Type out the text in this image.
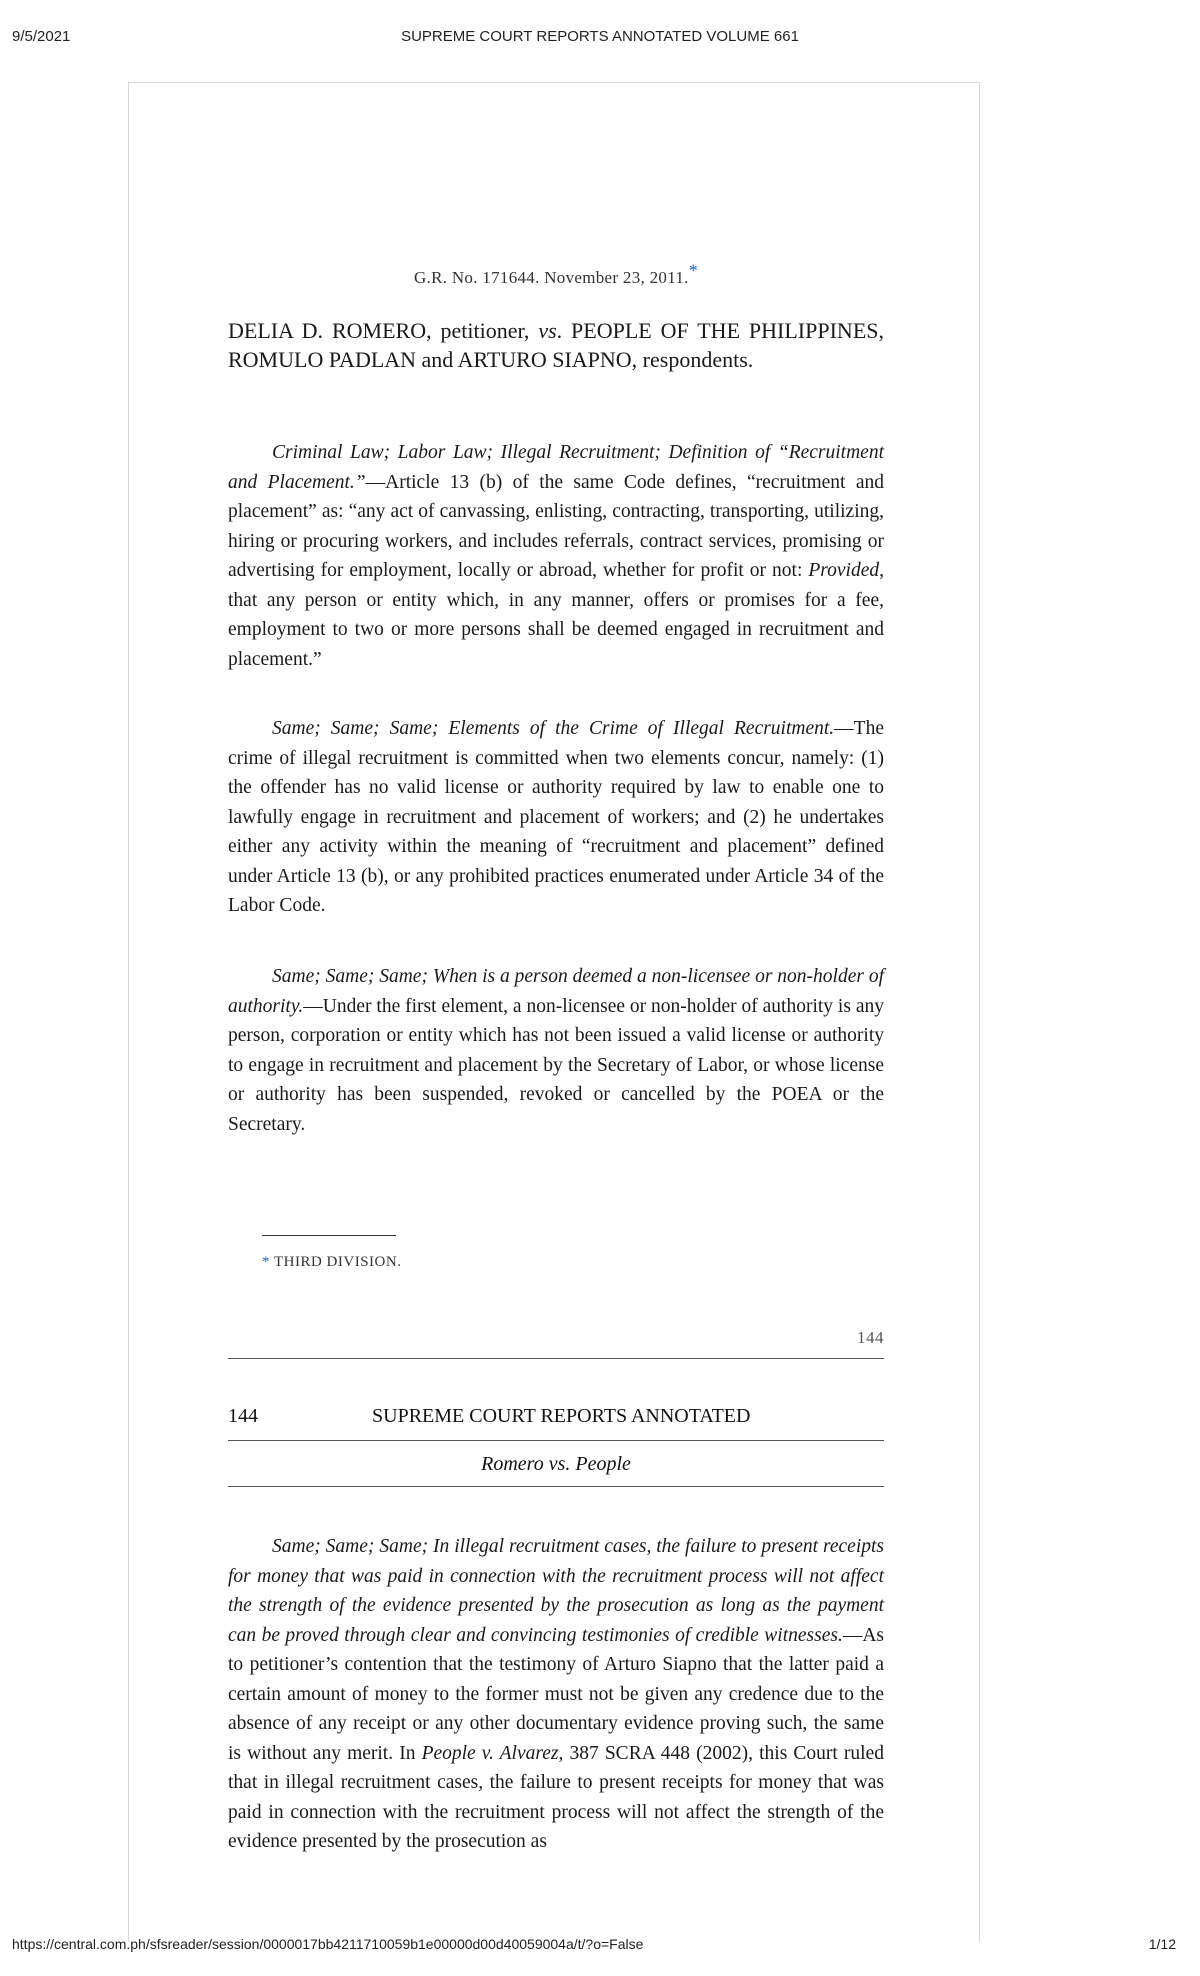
9/5/2021	SUPREME COURT REPORTS ANNOTATED VOLUME 661
G.R. No. 171644. November 23, 2011.*
DELIA D. ROMERO, petitioner, vs. PEOPLE OF THE PHILIPPINES, ROMULO PADLAN and ARTURO SIAPNO, respondents.

Criminal Law; Labor Law; Illegal Recruitment; Definition of “Recruitment and Placement.”—Article 13 (b) of the same Code defines, “recruitment and placement” as: “any act of canvassing, enlisting, contracting, transporting, utilizing, hiring or procuring workers, and includes referrals, contract services, promising or advertising for employment, locally or abroad, whether for profit or not: Provided, that any person or entity which, in any manner, offers or promises for a fee, employment to two or more persons shall be deemed engaged in recruitment and placement.”

Same; Same; Same; Elements of the Crime of Illegal Recruitment.—The crime of illegal recruitment is committed when two elements concur, namely: (1) the offender has no valid license or authority required by law to enable one to lawfully engage in recruitment and placement of workers; and (2) he undertakes either any activity within the meaning of “recruitment and placement” defined under Article 13 (b), or any prohibited practices enumerated under Article 34 of the Labor Code.

Same; Same; Same; When is a person deemed a non-licensee or non-holder of authority.—Under the first element, a non-licensee or non-holder of authority is any person, corporation or entity which has not been issued a valid license or authority to engage in recruitment and placement by the Secretary of Labor, or whose license or authority has been suspended, revoked or cancelled by the POEA or the Secretary.

* THIRD DIVISION.
144
144	SUPREME COURT REPORTS ANNOTATED
Romero vs. People

Same; Same; Same; In illegal recruitment cases, the failure to present receipts for money that was paid in connection with the recruitment process will not affect the strength of the evidence presented by the prosecution as long as the payment can be proved through clear and convincing testimonies of credible witnesses.—As to petitioner’s contention that the testimony of Arturo Siapno that the latter paid a certain amount of money to the former must not be given any credence due to the absence of any receipt or any other documentary evidence proving such, the same is without any merit. In People v. Alvarez, 387 SCRA 448 (2002), this Court ruled that in illegal recruitment cases, the failure to present receipts for money that was paid in connection with the recruitment process will not affect the strength of the evidence presented by the prosecution as

https://central.com.ph/sfsreader/session/0000017bb4211710059b1e00000d00d40059004a/t/?o=False	1/12
